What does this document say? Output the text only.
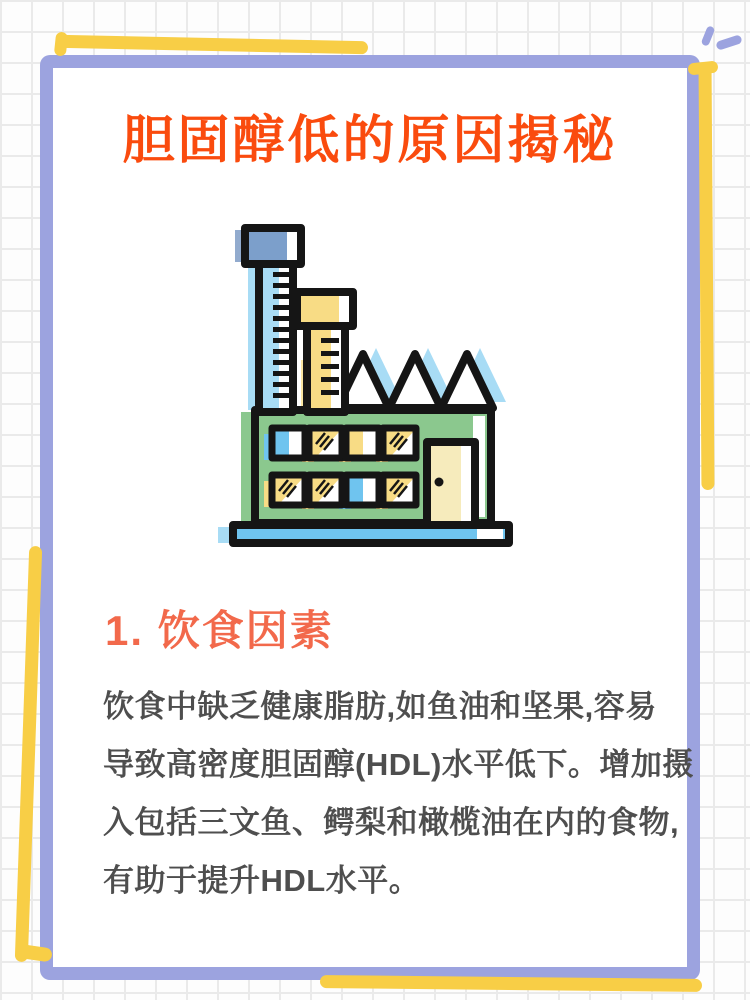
胆固醇低的原因揭秘
1. 饮食因素
饮食中缺乏健康脂肪,如鱼油和坚果,容易
导致高密度胆固醇(HDL)水平低下。增加摄
入包括三文鱼、鳄梨和橄榄油在内的食物,
有助于提升HDL水平。
